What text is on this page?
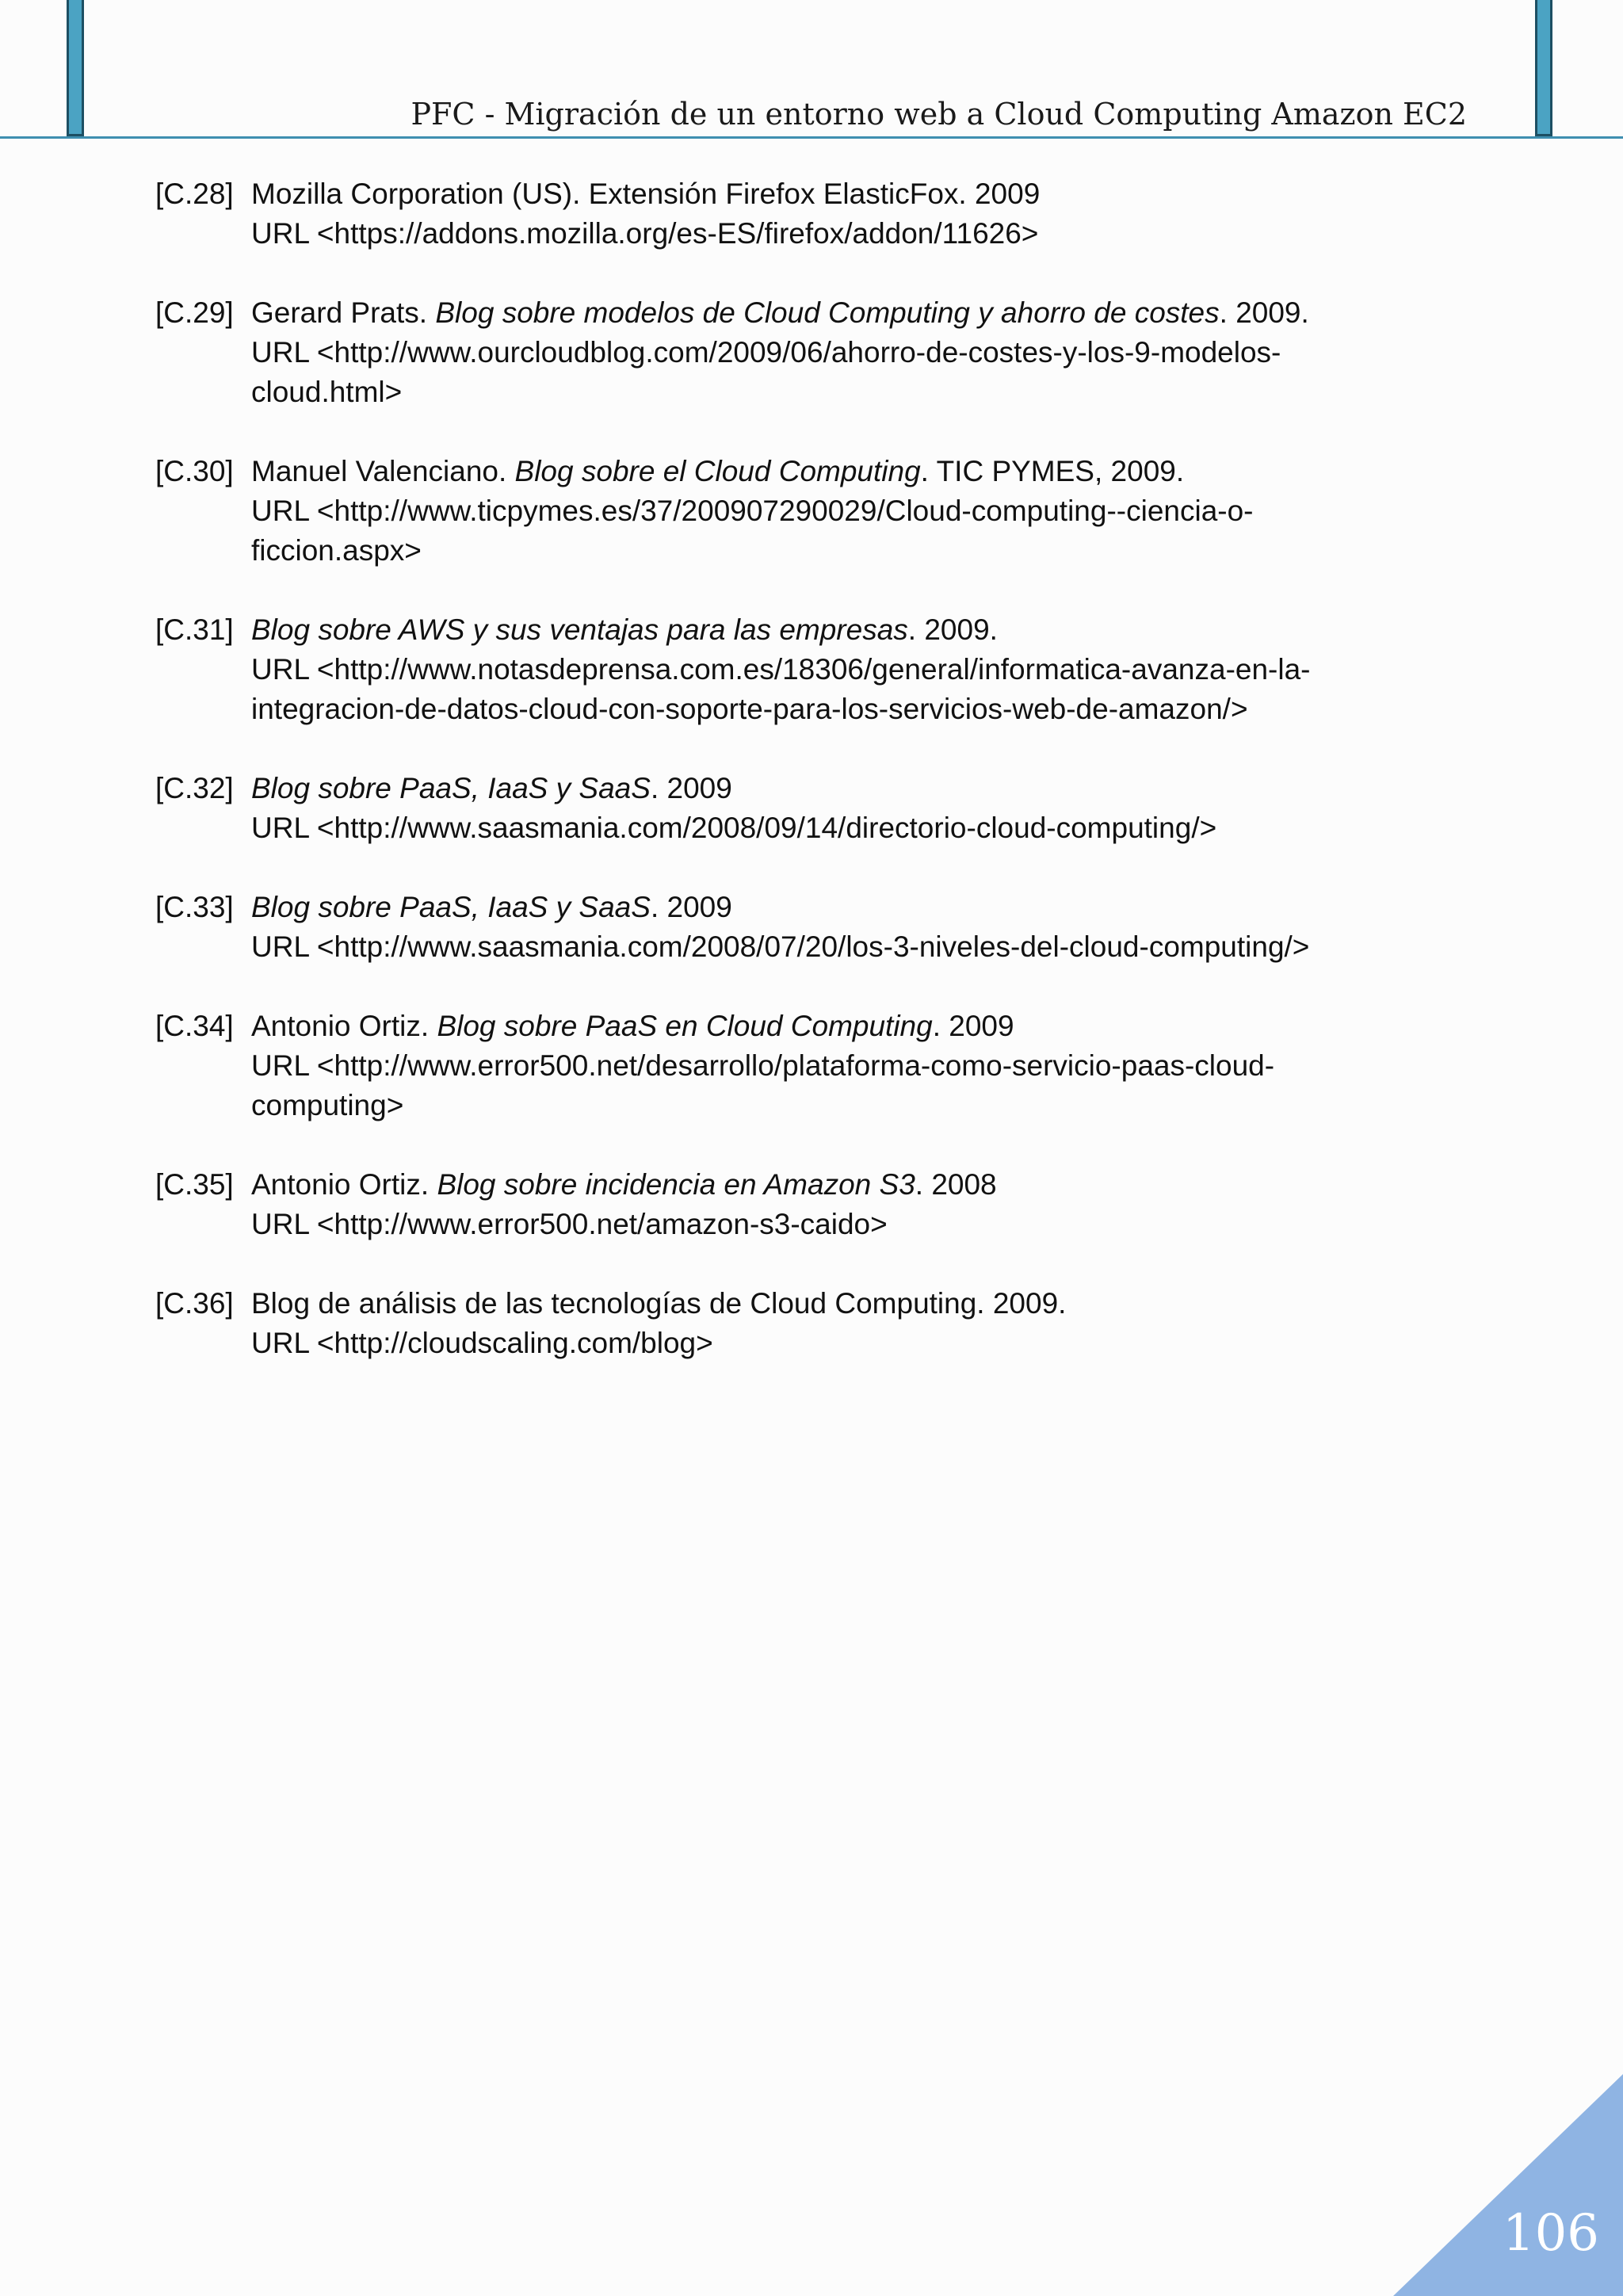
PFC - Migración de un entorno web a Cloud Computing Amazon EC2
[C.28] Mozilla Corporation (US). Extensión Firefox ElasticFox. 2009
URL <https://addons.mozilla.org/es-ES/firefox/addon/11626>
[C.29] Gerard Prats. Blog sobre modelos de Cloud Computing y ahorro de costes. 2009.
URL <http://www.ourcloudblog.com/2009/06/ahorro-de-costes-y-los-9-modelos-
cloud.html>
[C.30] Manuel Valenciano. Blog sobre el Cloud Computing. TIC PYMES, 2009.
URL <http://www.ticpymes.es/37/200907290029/Cloud-computing--ciencia-o-
ficcion.aspx>
[C.31] Blog sobre AWS y sus ventajas para las empresas. 2009.
URL <http://www.notasdeprensa.com.es/18306/general/informatica-avanza-en-la-
integracion-de-datos-cloud-con-soporte-para-los-servicios-web-de-amazon/>
[C.32] Blog sobre PaaS, IaaS y SaaS. 2009
URL <http://www.saasmania.com/2008/09/14/directorio-cloud-computing/>
[C.33] Blog sobre PaaS, IaaS y SaaS. 2009
URL <http://www.saasmania.com/2008/07/20/los-3-niveles-del-cloud-computing/>
[C.34] Antonio Ortiz. Blog sobre PaaS en Cloud Computing. 2009
URL <http://www.error500.net/desarrollo/plataforma-como-servicio-paas-cloud-
computing>
[C.35] Antonio Ortiz. Blog sobre incidencia en Amazon S3. 2008
URL <http://www.error500.net/amazon-s3-caido>
[C.36] Blog de análisis de las tecnologías de Cloud Computing. 2009.
URL <http://cloudscaling.com/blog>
106
